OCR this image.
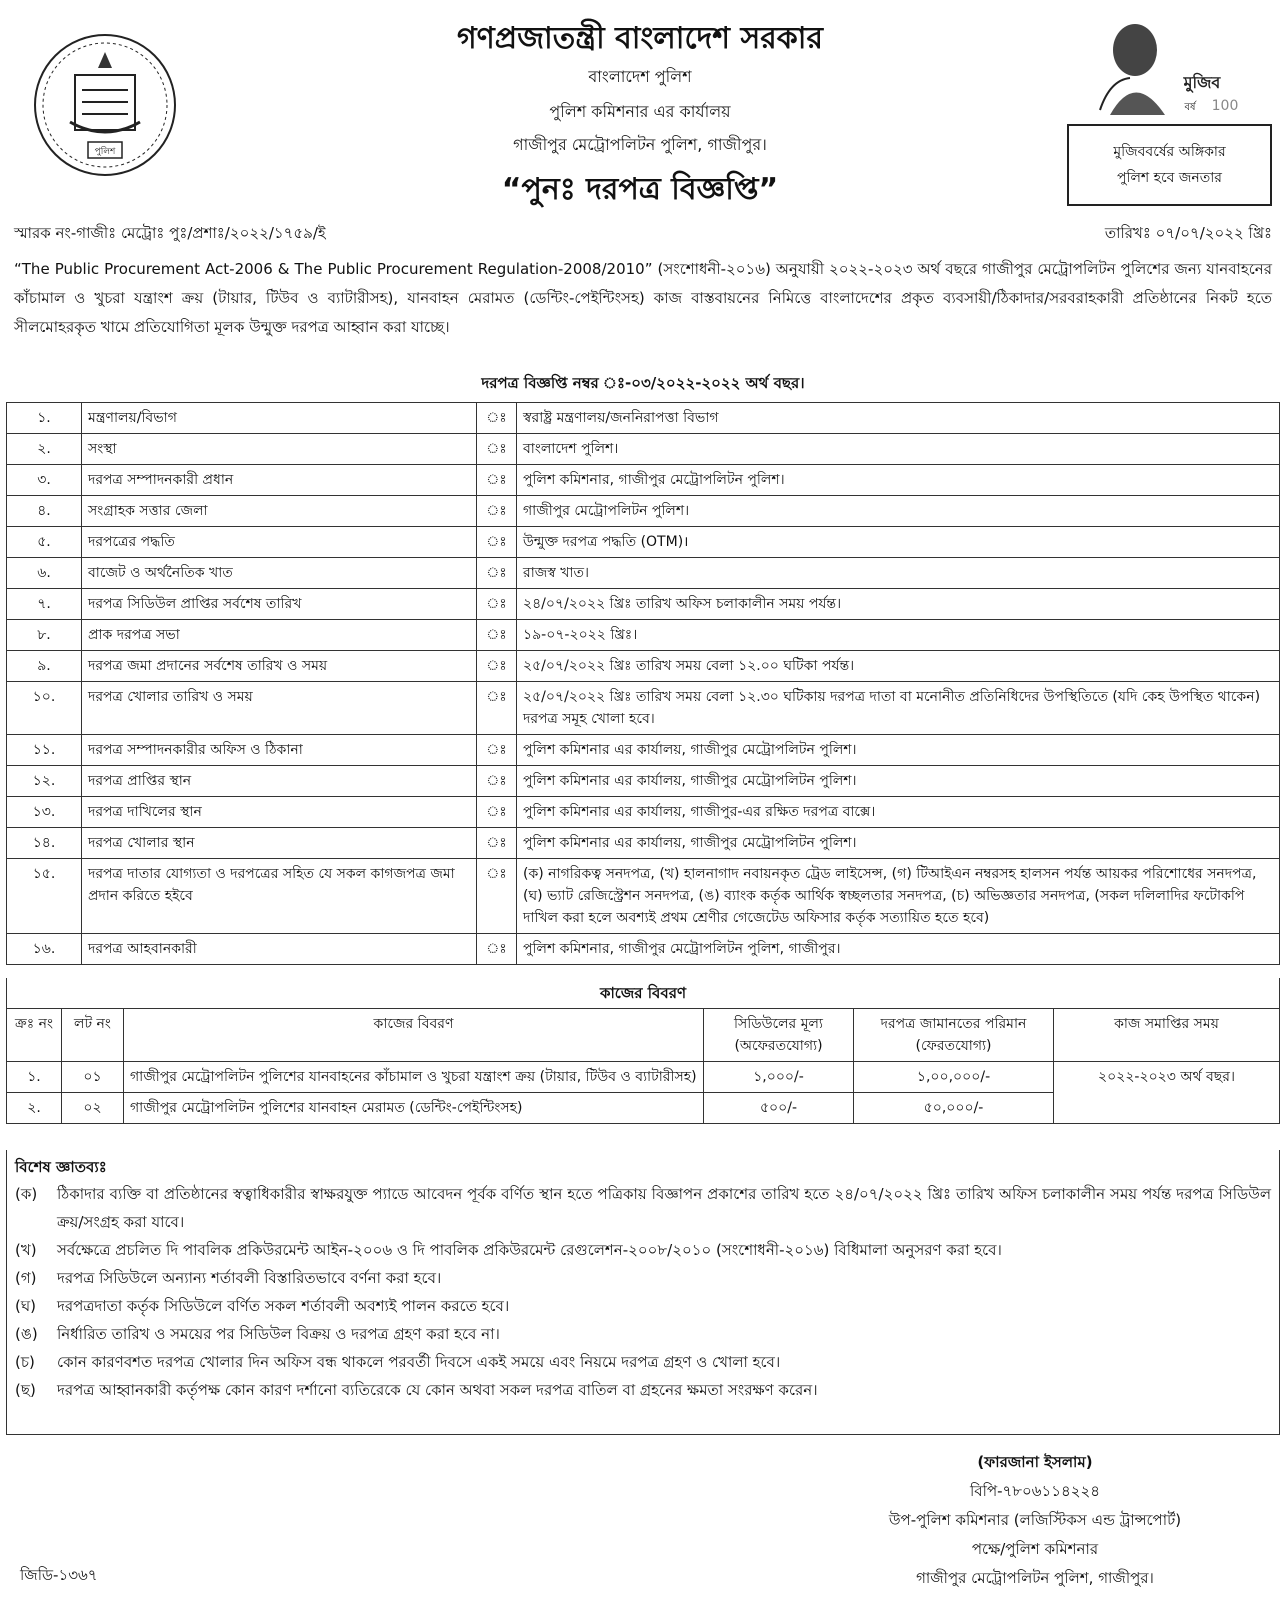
পুলিশ
মুজিব
বর্ষ 100
মুজিববর্ষের অঙ্গিকার
পুলিশ হবে জনতার
গণপ্রজাতন্ত্রী বাংলাদেশ সরকার
বাংলাদেশ পুলিশ
পুলিশ কমিশনার এর কার্যালয়
গাজীপুর মেট্রোপলিটন পুলিশ, গাজীপুর।
“পুনঃ দরপত্র বিজ্ঞপ্তি”
স্মারক নং-গাজীঃ মেট্রোঃ পুঃ/প্রশাঃ/২০২২/১৭৫৯/ই	তারিখঃ ০৭/০৭/২০২২ খ্রিঃ
“The Public Procurement Act-2006 & The Public Procurement Regulation-2008/2010” (সংশোধনী-২০১৬) অনুযায়ী ২০২২-২০২৩ অর্থ বছরে গাজীপুর মেট্রোপলিটন পুলিশের জন্য যানবাহনের কাঁচামাল ও খুচরা যন্ত্রাংশ ক্রয় (টায়ার, টিউব ও ব্যাটারীসহ), যানবাহন মেরামত (ডেন্টিং-পেইন্টিংসহ) কাজ বাস্তবায়নের নিমিত্তে বাংলাদেশের প্রকৃত ব্যবসায়ী/ঠিকাদার/সরবরাহকারী প্রতিষ্ঠানের নিকট হতে সীলমোহরকৃত খামে প্রতিযোগিতা মূলক উন্মুক্ত দরপত্র আহ্বান করা যাচ্ছে।
দরপত্র বিজ্ঞপ্তি নম্বর ঃ-০৩/২০২২-২০২২ অর্থ বছর।
১.	মন্ত্রণালয়/বিভাগ	ঃ	স্বরাষ্ট্র মন্ত্রণালয়/জননিরাপত্তা বিভাগ
২.	সংস্থা	ঃ	বাংলাদেশ পুলিশ।
৩.	দরপত্র সম্পাদনকারী প্রধান	ঃ	পুলিশ কমিশনার, গাজীপুর মেট্রোপলিটন পুলিশ।
৪.	সংগ্রাহক সত্তার জেলা	ঃ	গাজীপুর মেট্রোপলিটন পুলিশ।
৫.	দরপত্রের পদ্ধতি	ঃ	উন্মুক্ত দরপত্র পদ্ধতি (OTM)।
৬.	বাজেট ও অর্থনৈতিক খাত	ঃ	রাজস্ব খাত।
৭.	দরপত্র সিডিউল প্রাপ্তির সর্বশেষ তারিখ	ঃ	২৪/০৭/২০২২ খ্রিঃ তারিখ অফিস চলাকালীন সময় পর্যন্ত।
৮.	প্রাক দরপত্র সভা	ঃ	১৯-০৭-২০২২ খ্রিঃ।
৯.	দরপত্র জমা প্রদানের সর্বশেষ তারিখ ও সময়	ঃ	২৫/০৭/২০২২ খ্রিঃ তারিখ সময় বেলা ১২.০০ ঘটিকা পর্যন্ত।
১০.	দরপত্র খোলার তারিখ ও সময়	ঃ	২৫/০৭/২০২২ খ্রিঃ তারিখ সময় বেলা ১২.৩০ ঘটিকায় দরপত্র দাতা বা মনোনীত প্রতিনিধিদের উপস্থিতিতে (যদি কেহ উপস্থিত থাকেন) দরপত্র সমূহ খোলা হবে।
১১.	দরপত্র সম্পাদনকারীর অফিস ও ঠিকানা	ঃ	পুলিশ কমিশনার এর কার্যালয়, গাজীপুর মেট্রোপলিটন পুলিশ।
১২.	দরপত্র প্রাপ্তির স্থান	ঃ	পুলিশ কমিশনার এর কার্যালয়, গাজীপুর মেট্রোপলিটন পুলিশ।
১৩.	দরপত্র দাখিলের স্থান	ঃ	পুলিশ কমিশনার এর কার্যালয়, গাজীপুর-এর রক্ষিত দরপত্র বাক্সে।
১৪.	দরপত্র খোলার স্থান	ঃ	পুলিশ কমিশনার এর কার্যালয়, গাজীপুর মেট্রোপলিটন পুলিশ।
১৫.	দরপত্র দাতার যোগ্যতা ও দরপত্রের সহিত যে সকল কাগজপত্র জমা প্রদান করিতে হইবে	ঃ	(ক) নাগরিকত্ব সনদপত্র, (খ) হালনাগাদ নবায়নকৃত ট্রেড লাইসেন্স, (গ) টিআইএন নম্বরসহ হালসন পর্যন্ত আয়কর পরিশোধের সনদপত্র, (ঘ) ভ্যাট রেজিস্ট্রেশন সনদপত্র, (ঙ) ব্যাংক কর্তৃক আর্থিক স্বচ্ছলতার সনদপত্র, (চ) অভিজ্ঞতার সনদপত্র, (সকল দলিলাদির ফটোকপি দাখিল করা হলে অবশ্যই প্রথম শ্রেণীর গেজেটেড অফিসার কর্তৃক সত্যায়িত হতে হবে)
১৬.	দরপত্র আহবানকারী	ঃ	পুলিশ কমিশনার, গাজীপুর মেট্রোপলিটন পুলিশ, গাজীপুর।
কাজের বিবরণ
ক্রঃ নং	লট নং	কাজের বিবরণ	সিডিউলের মূল্য (অফেরতযোগ্য)	দরপত্র জামানতের পরিমান (ফেরতযোগ্য)	কাজ সমাপ্তির সময়
১.	০১	গাজীপুর মেট্রোপলিটন পুলিশের যানবাহনের কাঁচামাল ও খুচরা যন্ত্রাংশ ক্রয় (টায়ার, টিউব ও ব্যাটারীসহ)	১,০০০/-	১,০০,০০০/-	২০২২-২০২৩ অর্থ বছর।
২.	০২	গাজীপুর মেট্রোপলিটন পুলিশের যানবাহন মেরামত (ডেন্টিং-পেইন্টিংসহ)	৫০০/-	৫০,০০০/-	
বিশেষ জ্ঞাতব্যঃ
(ক)	ঠিকাদার ব্যক্তি বা প্রতিষ্ঠানের স্বত্বাধিকারীর স্বাক্ষরযুক্ত প্যাডে আবেদন পূর্বক বর্ণিত স্থান হতে পত্রিকায় বিজ্ঞাপন প্রকাশের তারিখ হতে ২৪/০৭/২০২২ খ্রিঃ তারিখ অফিস চলাকালীন সময় পর্যন্ত দরপত্র সিডিউল ক্রয়/সংগ্রহ করা যাবে।
(খ)	সর্বক্ষেত্রে প্রচলিত দি পাবলিক প্রকিউরমেন্ট আইন-২০০৬ ও দি পাবলিক প্রকিউরমেন্ট রেগুলেশন-২০০৮/২০১০ (সংশোধনী-২০১৬) বিধিমালা অনুসরণ করা হবে।
(গ)	দরপত্র সিডিউলে অন্যান্য শর্তাবলী বিস্তারিতভাবে বর্ণনা করা হবে।
(ঘ)	দরপত্রদাতা কর্তৃক সিডিউলে বর্ণিত সকল শর্তাবলী অবশ্যই পালন করতে হবে।
(ঙ)	নির্ধারিত তারিখ ও সময়ের পর সিডিউল বিক্রয় ও দরপত্র গ্রহণ করা হবে না।
(চ)	কোন কারণবশত দরপত্র খোলার দিন অফিস বন্ধ থাকলে পরবর্তী দিবসে একই সময়ে এবং নিয়মে দরপত্র গ্রহণ ও খোলা হবে।
(ছ)	দরপত্র আহ্বানকারী কর্তৃপক্ষ কোন কারণ দর্শানো ব্যতিরেকে যে কোন অথবা সকল দরপত্র বাতিল বা গ্রহনের ক্ষমতা সংরক্ষণ করেন।
(ফারজানা ইসলাম)
বিপি-৭৮০৬১১৪২২৪
উপ-পুলিশ কমিশনার (লজিস্টিকস এন্ড ট্রান্সপোর্ট)
পক্ষে/পুলিশ কমিশনার
গাজীপুর মেট্রোপলিটন পুলিশ, গাজীপুর।
জিডি-১৩৬৭
